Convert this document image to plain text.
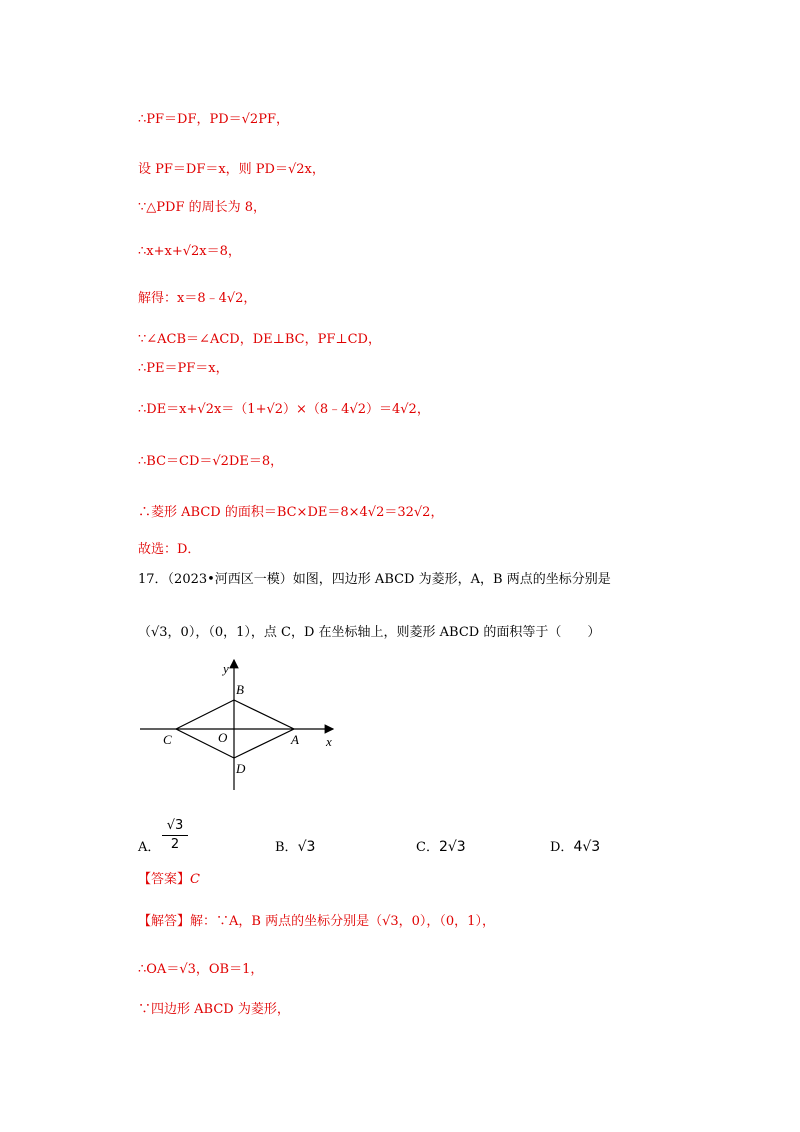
∴PF＝DF，PD＝√2PF，
设 PF＝DF＝x，则 PD＝√2x，
∵△PDF 的周长为 8，
∴x+x+√2x＝8，
解得：x＝8﹣4√2，
∵∠ACB＝∠ACD，DE⊥BC，PF⊥CD，
∴PE＝PF＝x，
∴DE＝x+√2x＝（1+√2）×（8﹣4√2）＝4√2，
∴BC＝CD＝√2DE＝8，
∴菱形 ABCD 的面积＝BC×DE＝8×4√2＝32√2，
故选：D．
17．（2023•河西区一模）如图，四边形 ABCD 为菱形，A，B 两点的坐标分别是
（√3，0），（0，1），点 C，D 在坐标轴上，则菱形 ABCD 的面积等于（　　）
y
x
B
C	O	A
D
A． $\frac{√3}{2}$	B．√3	C．2√3	D．4√3
【答案】C
【解答】解：∵A，B 两点的坐标分别是（√3，0），（0，1），
∴OA＝√3，OB＝1，
∵四边形 ABCD 为菱形，
